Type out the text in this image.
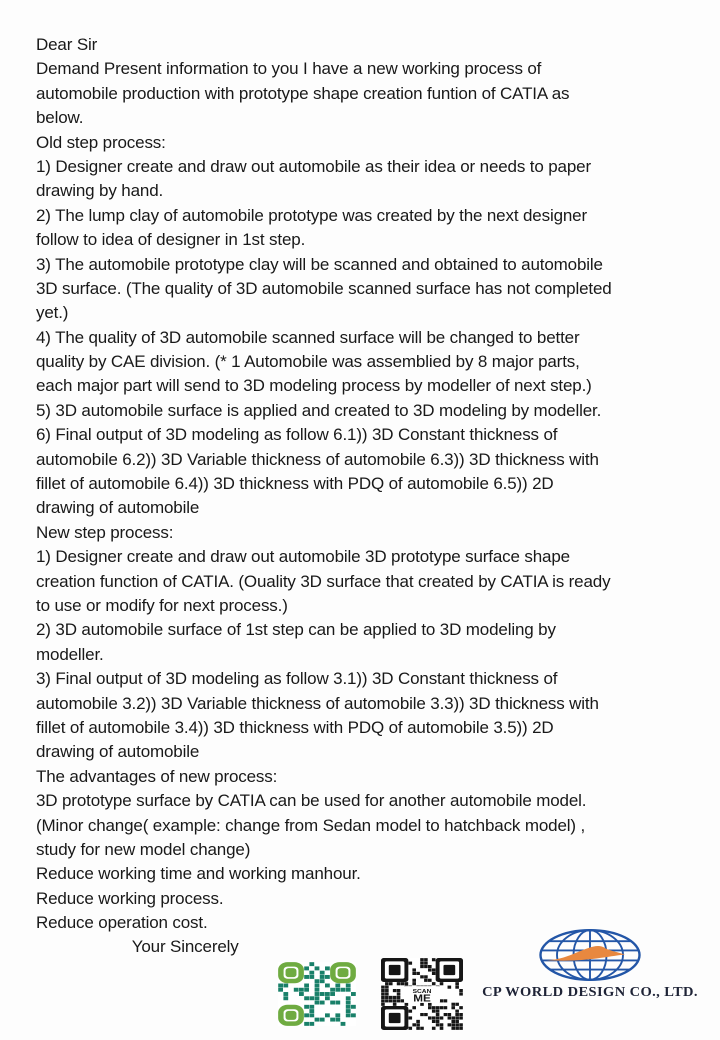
Dear Sir
Demand Present information to you I have a new working process of
automobile production with prototype shape creation funtion of CATIA as
below.
Old step process:
1) Designer create and draw out automobile as their idea or needs to paper
drawing by hand.
2) The lump clay of automobile prototype was created by the next designer
follow to idea of designer in 1st step.
3) The automobile prototype clay will be scanned and obtained to automobile
3D surface. (The quality of 3D automobile scanned surface has not completed
yet.)
4) The quality of 3D automobile scanned surface will be changed to better
quality by CAE division. (* 1 Automobile was assemblied by 8 major parts,
each major part will send to 3D modeling process by modeller of next step.)
5) 3D automobile surface is applied and created to 3D modeling by modeller.
6) Final output of 3D modeling as follow 6.1)) 3D Constant thickness of
automobile 6.2)) 3D Variable thickness of automobile 6.3)) 3D thickness with
fillet of automobile 6.4)) 3D thickness with PDQ of automobile 6.5)) 2D
drawing of automobile
New step process:
1) Designer create and draw out automobile 3D prototype surface shape
creation function of CATIA. (Ouality 3D surface that created by CATIA is ready
to use or modify for next process.)
2) 3D automobile surface of 1st step can be applied to 3D modeling by
modeller.
3) Final output of 3D modeling as follow 3.1)) 3D Constant thickness of
automobile 3.2)) 3D Variable thickness of automobile 3.3)) 3D thickness with
fillet of automobile 3.4)) 3D thickness with PDQ of automobile 3.5)) 2D
drawing of automobile
The advantages of new process:
3D prototype surface by CATIA can be used for another automobile model.
(Minor change( example: change from Sedan model to hatchback model) ,
study for new model change)
Reduce working time and working manhour.
Reduce working process.
Reduce operation cost.
Your Sincerely
SCAN
ME	CP WORLD DESIGN CO., LTD.
